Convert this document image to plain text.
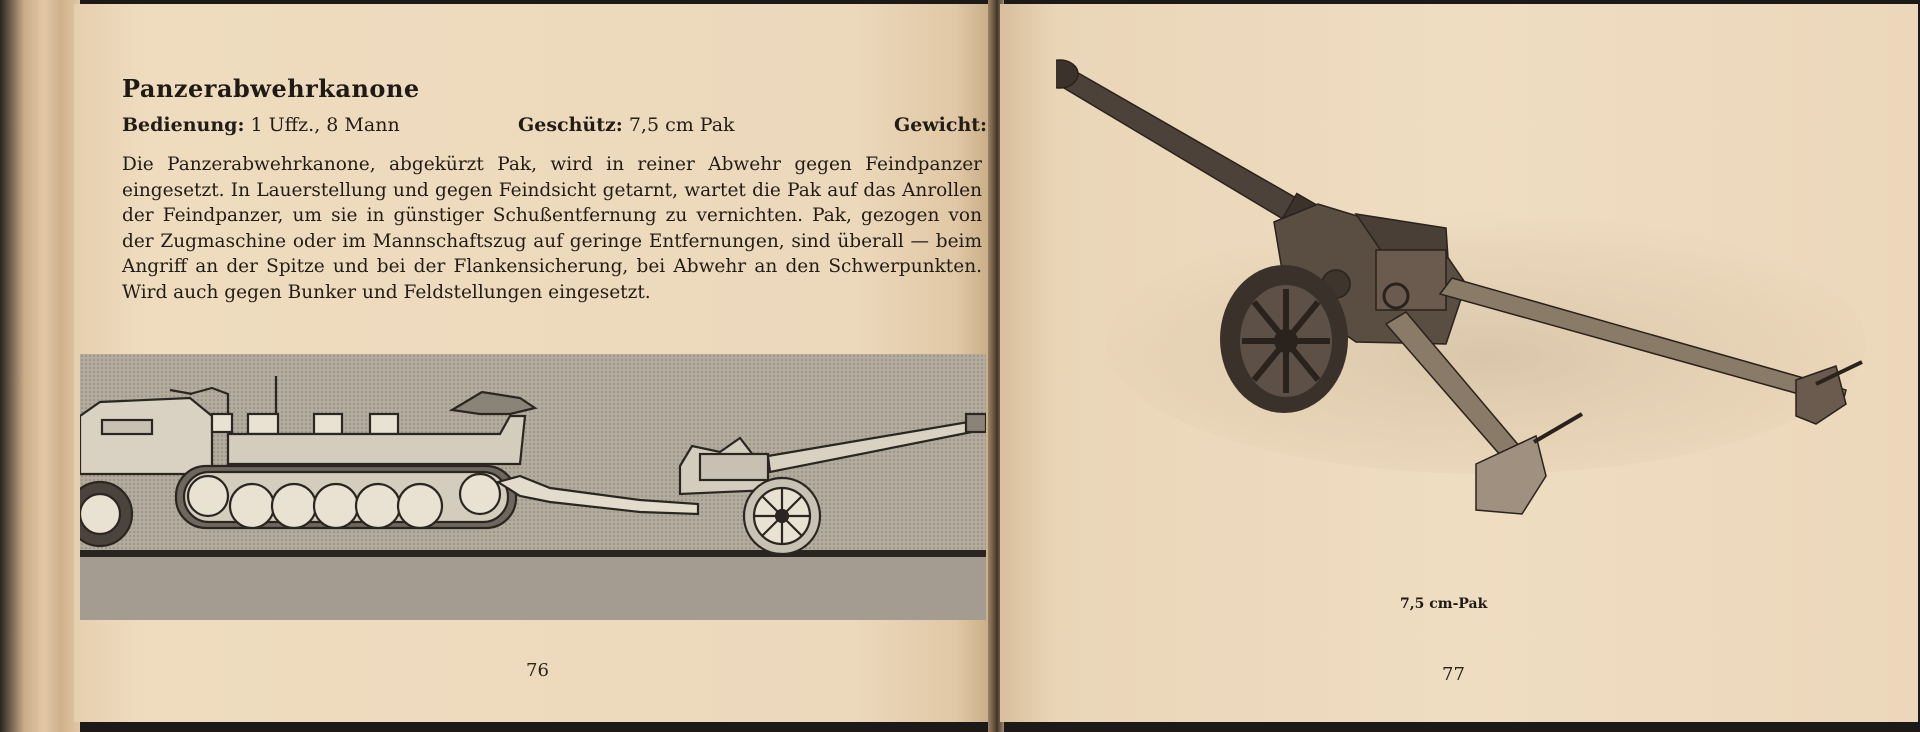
Panzerabwehrkanone
Bedienung: 1 Uffz., 8 Mann	Geschütz: 7,5 cm Pak	Gewicht:

Die Panzerabwehrkanone, abgekürzt Pak, wird in reiner Abwehr gegen Feindpanzer eingesetzt. In Lauerstellung und gegen Feindsicht getarnt, wartet die Pak auf das Anrollen der Feindpanzer, um sie in günstiger Schußentfernung zu vernichten. Pak, gezogen von der Zugmaschine oder im Mannschaftszug auf geringe Entfernungen, sind überall — beim Angriff an der Spitze und bei der Flankensicherung, bei Abwehr an den Schwerpunkten. Wird auch gegen Bunker und Feldstellungen eingesetzt.

76
7,5 cm-Pak
77
